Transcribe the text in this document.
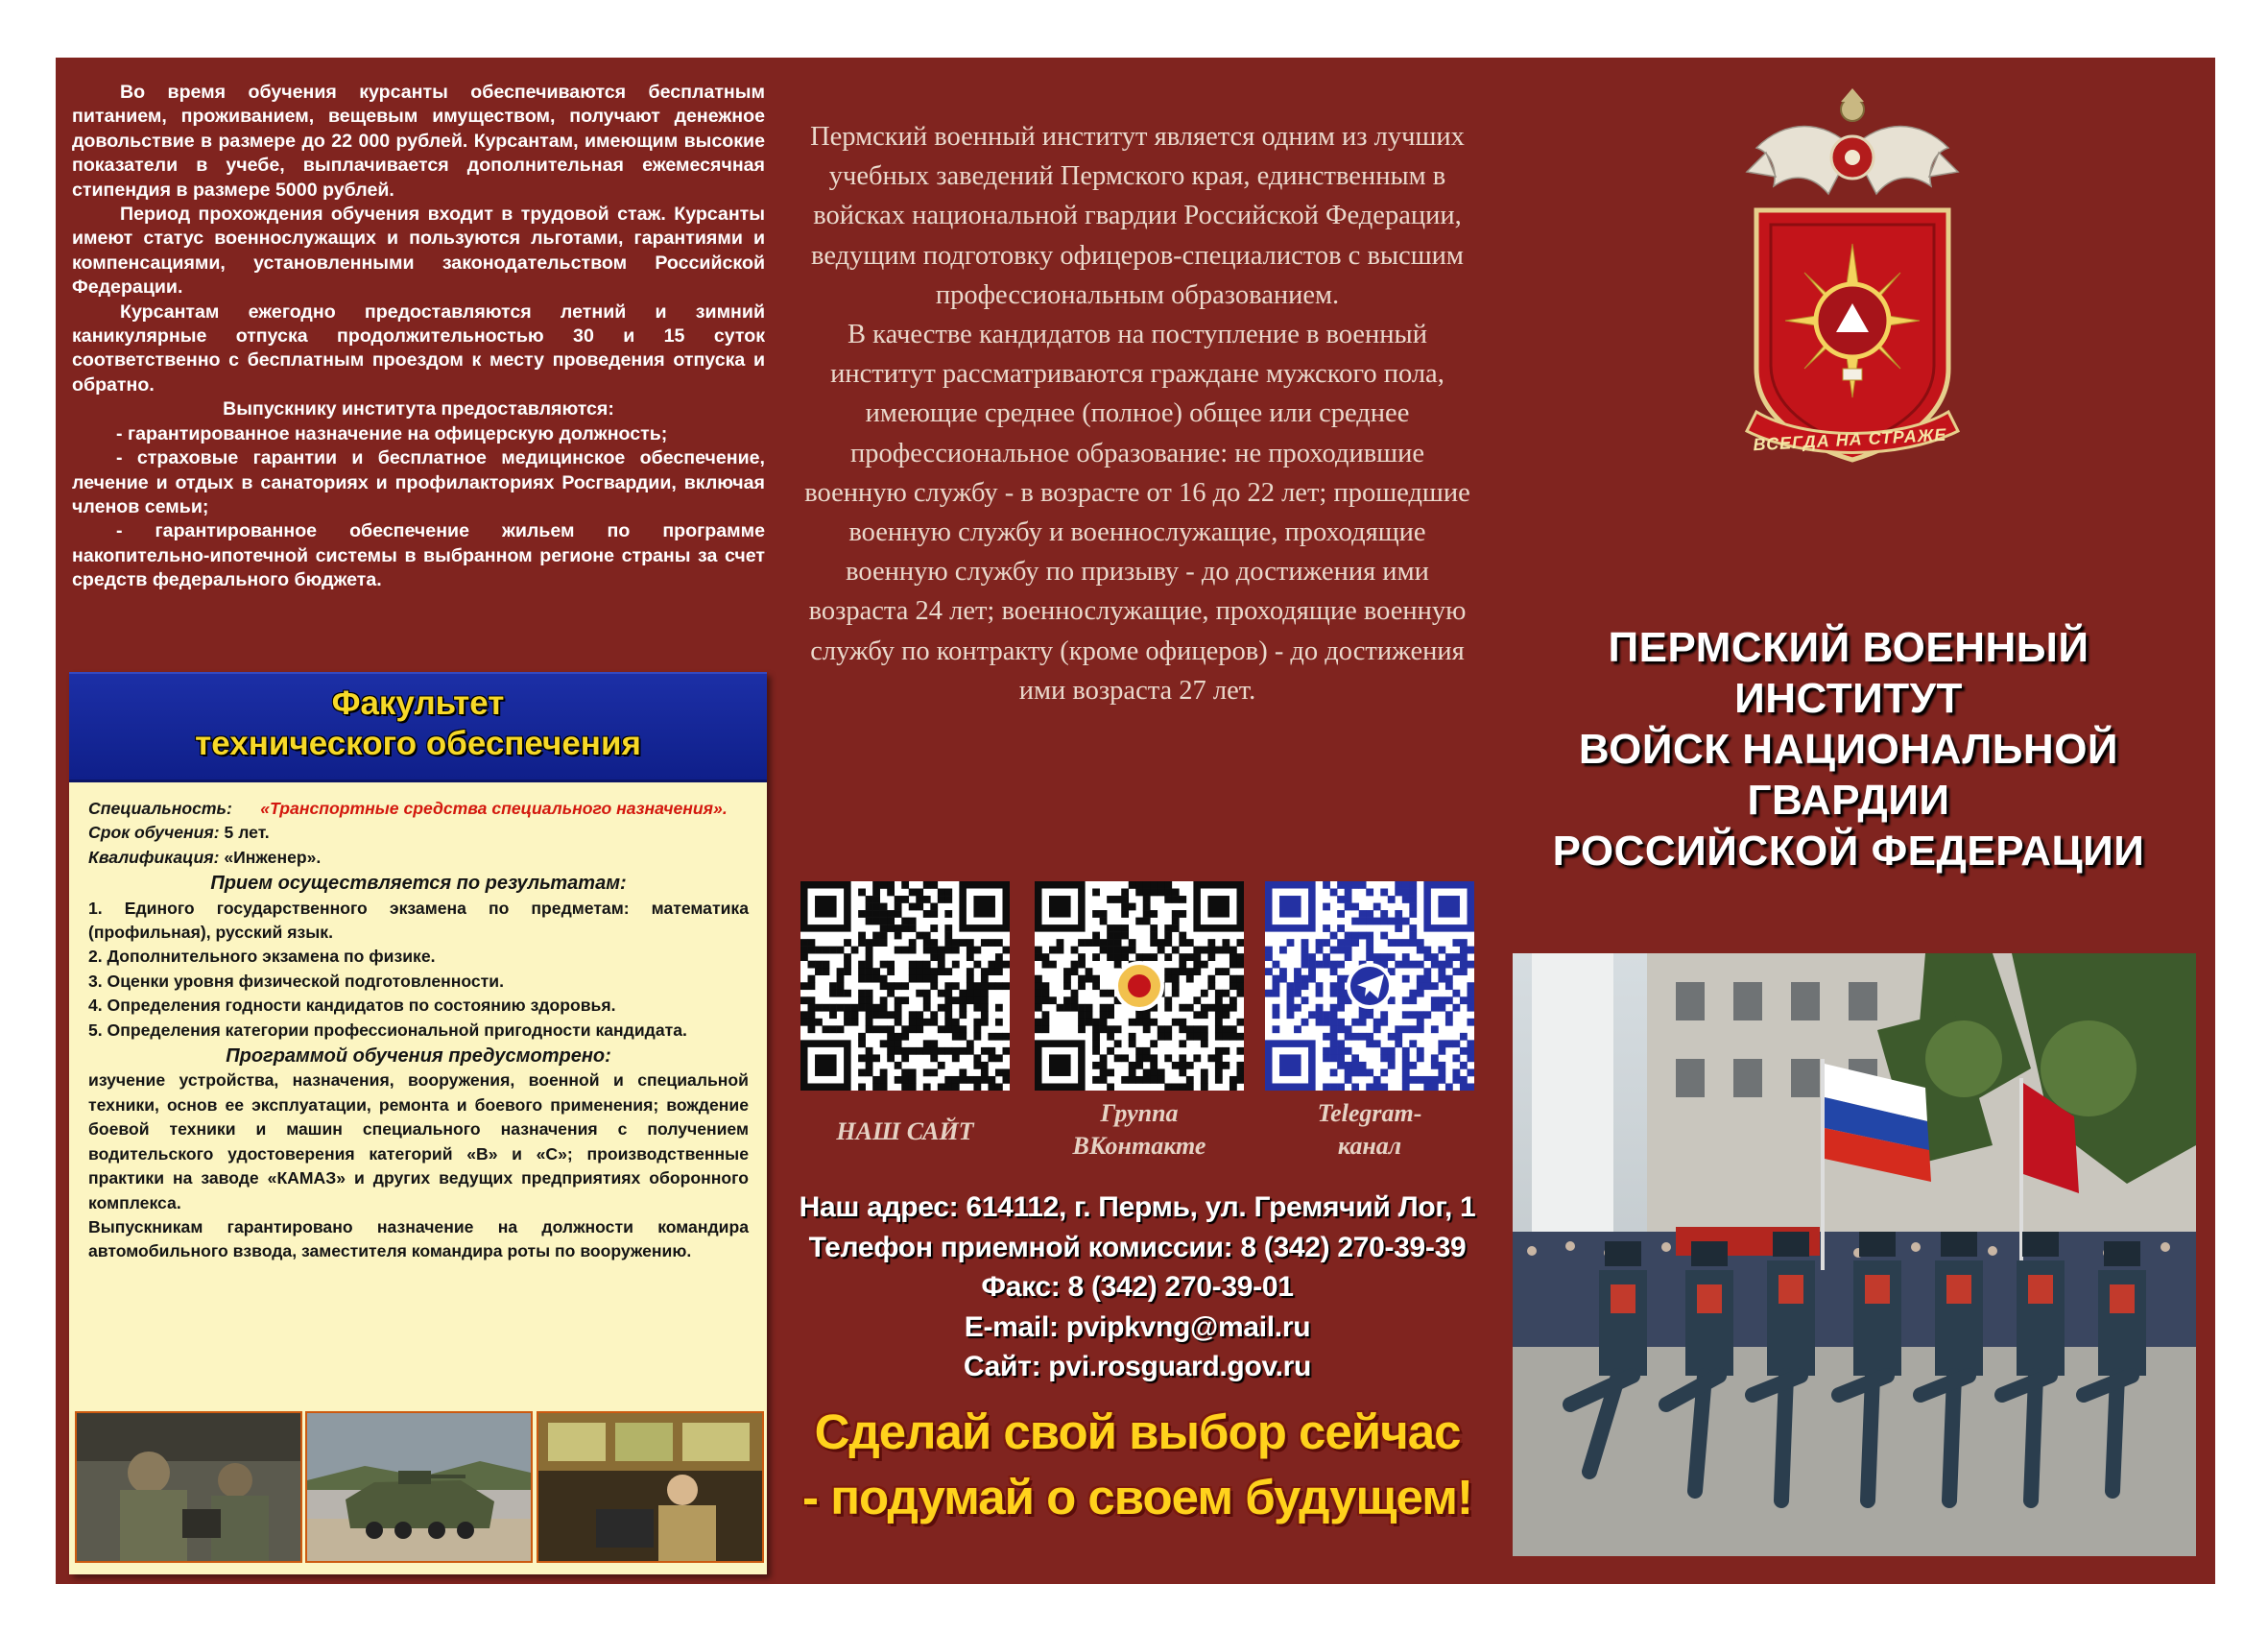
Во время обучения курсанты обеспечиваются бесплатным питанием, проживанием, вещевым имуществом, получают денежное довольствие в размере до 22 000 рублей. Курсантам, имеющим высокие показатели в учебе, выплачивается дополнительная ежемесячная стипендия в размере 5000 рублей.

Период прохождения обучения входит в трудовой стаж. Курсанты имеют статус военнослужащих и пользуются льготами, гарантиями и компенсациями, установленными законодательством Российской Федерации.

Курсантам ежегодно предоставляются летний и зимний каникулярные отпуска продолжительностью 30 и 15 суток соответственно с бесплатным проездом к месту проведения отпуска и обратно.

Выпускнику института предоставляются:

- гарантированное назначение на офицерскую должность;

- страховые гарантии и бесплатное медицинское обеспечение, лечение и отдых в санаториях и профилакториях Росгвардии, включая членов семьи;

- гарантированное обеспечение жильем по программе накопительно-ипотечной системы в выбранном регионе страны за счет средств федерального бюджета.

Факультет
технического обеспечения

Специальность: «Транспортные средства специального назначения».

Срок обучения: 5 лет.

Квалификация: «Инженер».

Прием осуществляется по результатам:

1. Единого государственного экзамена по предметам: математика (профильная), русский язык.

2. Дополнительного экзамена по физике.

3. Оценки уровня физической подготовленности.

4. Определения годности кандидатов по состоянию здоровья.

5. Определения категории профессиональной пригодности кандидата.

Программой обучения предусмотрено:

изучение устройства, назначения, вооружения, военной и специальной техники, основ ее эксплуатации, ремонта и боевого применения; вождение боевой техники и машин специального назначения с получением водительского удостоверения категорий «В» и «С»; производственные практики на заводе «КАМАЗ» и других ведущих предприятиях оборонного комплекса.

Выпускникам гарантировано назначение на должности командира автомобильного взвода, заместителя командира роты по вооружению.

Пермский военный институт является одним из лучших учебных заведений Пермского края, единственным в войсках национальной гвардии Российской Федерации, ведущим подготовку офицеров-специалистов с высшим профессиональным образованием.

В качестве кандидатов на поступление в военный институт рассматриваются граждане мужского пола, имеющие среднее (полное) общее или среднее профессиональное образование: не проходившие военную службу - в возрасте от 16 до 22 лет; прошедшие военную службу и военнослужащие, проходящие военную службу по призыву - до достижения ими возраста 24 лет; военнослужащие, проходящие военную службу по контракту (кроме офицеров) - до достижения ими возраста 27 лет.

НАШ САЙТ
Группа
ВКонтакте
Telegram-
канал
Наш адрес: 614112, г. Пермь, ул. Гремячий Лог, 1
Телефон приемной комиссии: 8 (342) 270-39-39
Факс: 8 (342) 270-39-01
E-mail: pvipkvng@mail.ru
Сайт: pvi.rosguard.gov.ru
Сделай свой выбор сейчас
- подумай о своем будущем!
ВСЕГДА НА СТРАЖЕ
ПЕРМСКИЙ ВОЕННЫЙ ИНСТИТУТ
ВОЙСК НАЦИОНАЛЬНОЙ ГВАРДИИ
РОССИЙСКОЙ ФЕДЕРАЦИИ
